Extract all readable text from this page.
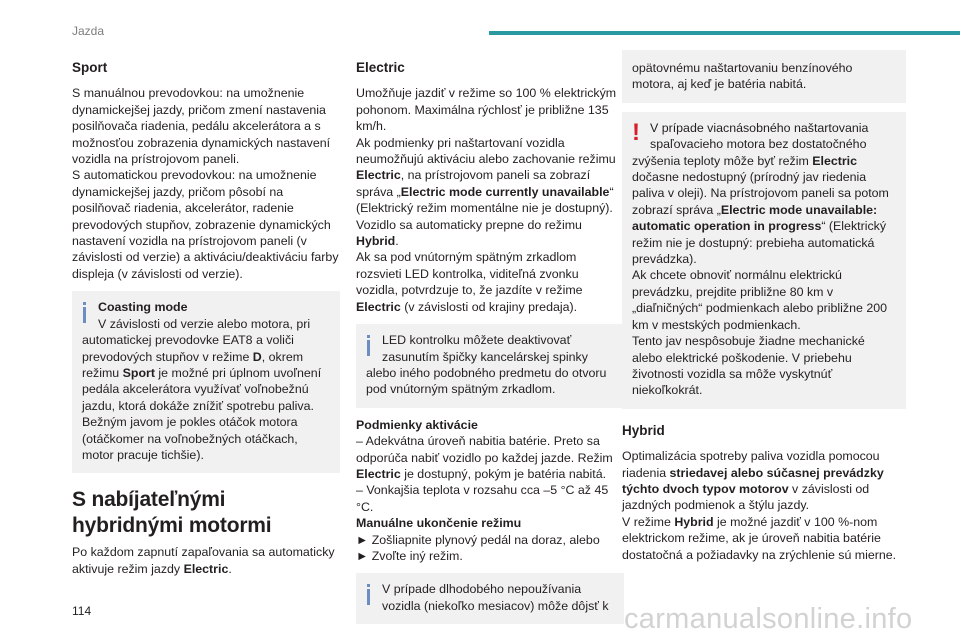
Jazda

Sport

S manuálnou prevodovkou: na umožnenie dynamickejšej jazdy, pričom zmení nastavenia posilňovača riadenia, pedálu akcelerátora a s možnosťou zobrazenia dynamických nastavení vozidla na prístrojovom paneli.

S automatickou prevodovkou: na umožnenie dynamickejšej jazdy, pričom pôsobí na posilňovač riadenia, akcelerátor, radenie prevodových stupňov, zobrazenie dynamických nastavení vozidla na prístrojovom paneli (v závislosti od verzie) a aktiváciu/deaktiváciu farby displeja (v závislosti od verzie).

Coasting mode

V závislosti od verzie alebo motora, pri automatickej prevodovke EAT8 a voliči prevodových stupňov v režime D, okrem režimu Sport je možné pri úplnom uvoľnení pedála akcelerátora využívať voľnobežnú jazdu, ktorá dokáže znížiť spotrebu paliva.

Bežným javom je pokles otáčok motora (otáčkomer na voľnobežných otáčkach, motor pracuje tichšie).

S nabíjateľnými hybridnými motormi

Po každom zapnutí zapaľovania sa automaticky aktivuje režim jazdy Electric.

Electric

Umožňuje jazdiť v režime so 100 % elektrickým pohonom. Maximálna rýchlosť je približne 135 km/h.

Ak podmienky pri naštartovaní vozidla neumožňujú aktiváciu alebo zachovanie režimu Electric, na prístrojovom paneli sa zobrazí správa „Electric mode currently unavailable“ (Elektrický režim momentálne nie je dostupný).

Vozidlo sa automaticky prepne do režimu Hybrid.

Ak sa pod vnútorným spätným zrkadlom rozsvieti LED kontrolka, viditeľná zvonku vozidla, potvrdzuje to, že jazdíte v režime Electric (v závislosti od krajiny predaja).

LED kontrolku môžete deaktivovať zasunutím špičky kancelárskej spinky alebo iného podobného predmetu do otvoru pod vnútorným spätným zrkadlom.

Podmienky aktivácie

– Adekvátna úroveň nabitia batérie. Preto sa odporúča nabiť vozidlo po každej jazde. Režim Electric je dostupný, pokým je batéria nabitá.

– Vonkajšia teplota v rozsahu cca –5 °C až 45 °C.

Manuálne ukončenie režimu

► Zošliapnite plynový pedál na doraz, alebo

► Zvoľte iný režim.

V prípade dlhodobého nepoužívania vozidla (niekoľko mesiacov) môže dôjsť k

opätovnému naštartovaniu benzínového motora, aj keď je batéria nabitá.

! V prípade viacnásobného naštartovania spaľovacieho motora bez dostatočného zvýšenia teploty môže byť režim Electric dočasne nedostupný (prírodný jav riedenia paliva v oleji). Na prístrojovom paneli sa potom zobrazí správa „Electric mode unavailable: automatic operation in progress“ (Elektrický režim nie je dostupný: prebieha automatická prevádzka).

Ak chcete obnoviť normálnu elektrickú prevádzku, prejdite približne 80 km v „diaľničných“ podmienkach alebo približne 200 km v mestských podmienkach.

Tento jav nespôsobuje žiadne mechanické alebo elektrické poškodenie. V priebehu životnosti vozidla sa môže vyskytnúť niekoľkokrát.

Hybrid

Optimalizácia spotreby paliva vozidla pomocou riadenia striedavej alebo súčasnej prevádzky týchto dvoch typov motorov v závislosti od jazdných podmienok a štýlu jazdy.

V režime Hybrid je možné jazdiť v 100 %-nom elektrickom režime, ak je úroveň nabitia batérie dostatočná a požiadavky na zrýchlenie sú mierne.

114	carmanualsonline.info
